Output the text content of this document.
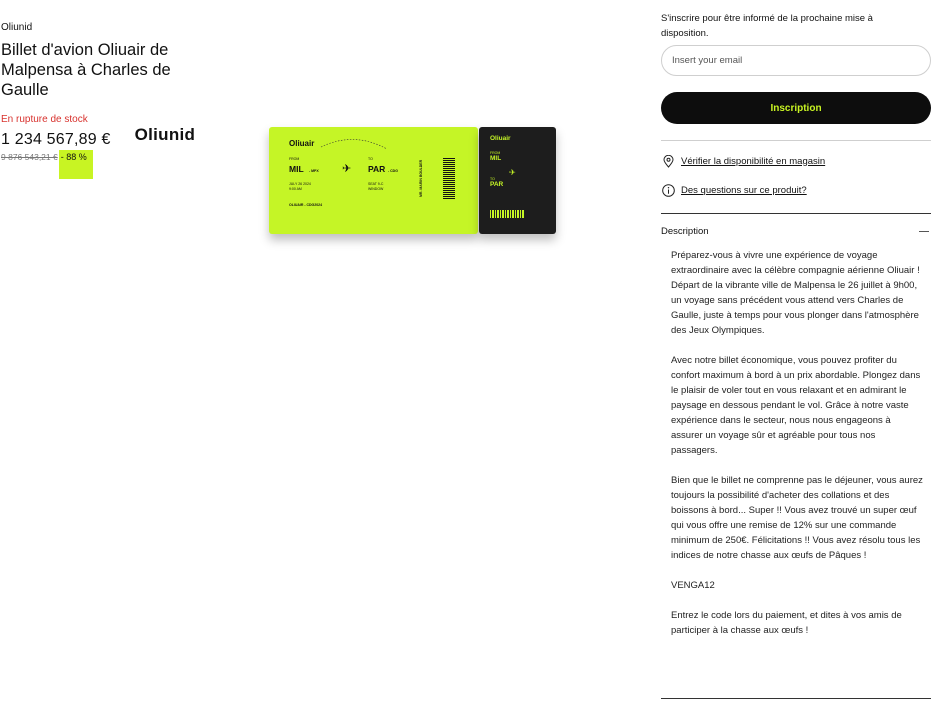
Oliunid
Billet d'avion Oliuair de Malpensa à Charles de Gaulle
En rupture de stock
1 234 567,89 € Oliunid
9 876 543,21 € - 88 %
Oliuair
FROM	TO
MIL - MPX ✈ PAR - CDG
JULY 26 2024
9:00 AM
SEAT 9-C
WINDOW
OLIUAIR - CDG2024
MR. MARIN BOULDER
Oliuair
FROM
MIL
✈
TO
PAR
S'inscrire pour être informé de la prochaine mise à disposition.
Insert your email Inscription
Vérifier la disponibilité en magasin
Des questions sur ce produit?
Description

Préparez-vous à vivre une expérience de voyage extraordinaire avec la célèbre compagnie aérienne Oliuair ! Départ de la vibrante ville de Malpensa le 26 juillet à 9h00, un voyage sans précédent vous attend vers Charles de Gaulle, juste à temps pour vous plonger dans l'atmosphère des Jeux Olympiques.

Avec notre billet économique, vous pouvez profiter du confort maximum à bord à un prix abordable. Plongez dans le plaisir de voler tout en vous relaxant et en admirant le paysage en dessous pendant le vol. Grâce à notre vaste expérience dans le secteur, nous nous engageons à assurer un voyage sûr et agréable pour tous nos passagers.

Bien que le billet ne comprenne pas le déjeuner, vous aurez toujours la possibilité d'acheter des collations et des boissons à bord... Super !! Vous avez trouvé un super œuf qui vous offre une remise de 12% sur une commande minimum de 250€. Félicitations !! Vous avez résolu tous les indices de notre chasse aux œufs de Pâques !

VENGA12

Entrez le code lors du paiement, et dites à vos amis de participer à la chasse aux œufs !
